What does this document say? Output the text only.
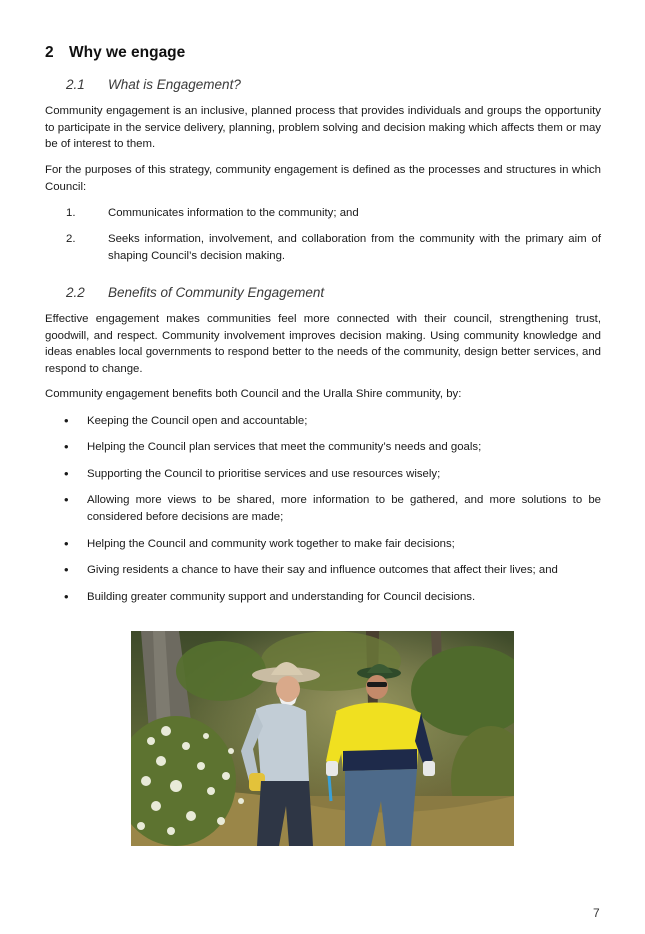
2 Why we engage
2.1 What is Engagement?
Community engagement is an inclusive, planned process that provides individuals and groups the opportunity to participate in the service delivery, planning, problem solving and decision making which affects them or may be of interest to them.
For the purposes of this strategy, community engagement is defined as the processes and structures in which Council:
1.	Communicates information to the community; and
2.	Seeks information, involvement, and collaboration from the community with the primary aim of shaping Council’s decision making.
2.2 Benefits of Community Engagement
Effective engagement makes communities feel more connected with their council, strengthening trust, goodwill, and respect. Community involvement improves decision making. Using community knowledge and ideas enables local governments to respond better to the needs of the community, design better services, and respond to change.
Community engagement benefits both Council and the Uralla Shire community, by:
• Keeping the Council open and accountable;
• Helping the Council plan services that meet the community’s needs and goals;
• Supporting the Council to prioritise services and use resources wisely;
• Allowing more views to be shared, more information to be gathered, and more solutions to be considered before decisions are made;
• Helping the Council and community work together to make fair decisions;
• Giving residents a chance to have their say and influence outcomes that affect their lives; and
• Building greater community support and understanding for Council decisions.
7
